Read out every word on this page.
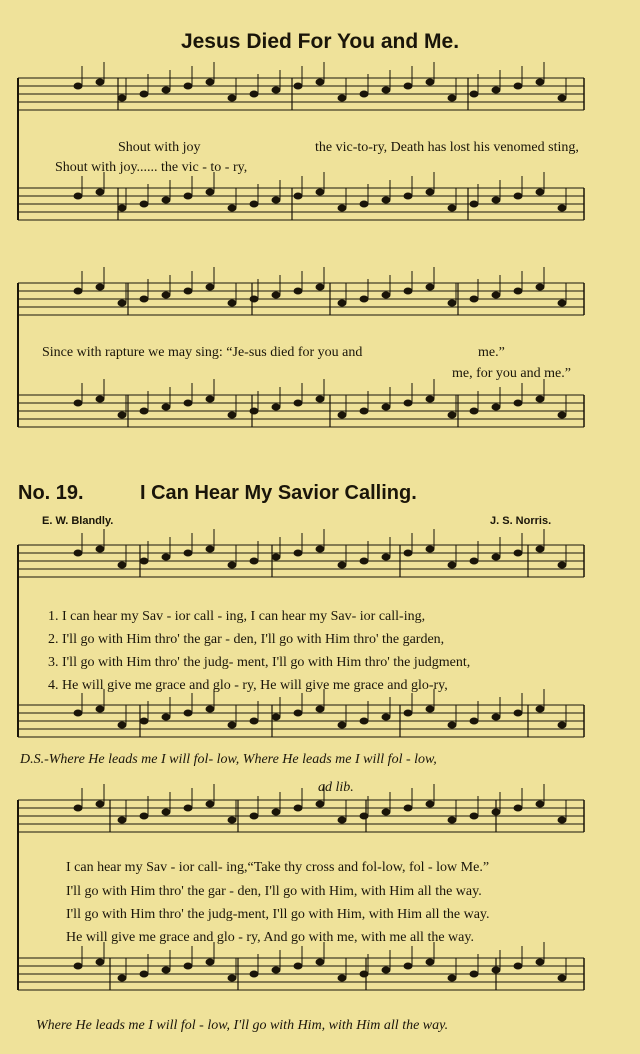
Jesus Died For You and Me.
Shout with joy	the vic-to-ry, Death has lost his venomed sting,
Shout with joy...... the vic - to - ry,
Since with rapture we may sing: “Je-sus died for you and	me.”
me, for you and me.”
No. 19.	I Can Hear My Savior Calling.
E. W. Blandly.	J. S. Norris.
1. I can hear my Sav - ior call - ing, I can hear my Sav- ior call-ing,
2. I'll go with Him thro' the gar - den, I'll go with Him thro' the garden,
3. I'll go with Him thro' the judg- ment, I'll go with Him thro' the judgment,
4. He will give me grace and glo - ry, He will give me grace and glo-ry,
D.S.-Where He leads me I will fol- low, Where He leads me I will fol - low,
ad lib.
I can hear my Sav - ior call- ing,“Take thy cross and fol-low, fol - low Me.”
I'll go with Him thro' the gar - den, I'll go with Him, with Him all the way.
I'll go with Him thro' the judg-ment, I'll go with Him, with Him all the way.
He will give me grace and glo - ry, And go with me, with me all the way.
Where He leads me I will fol - low, I'll go with Him, with Him all the way.
